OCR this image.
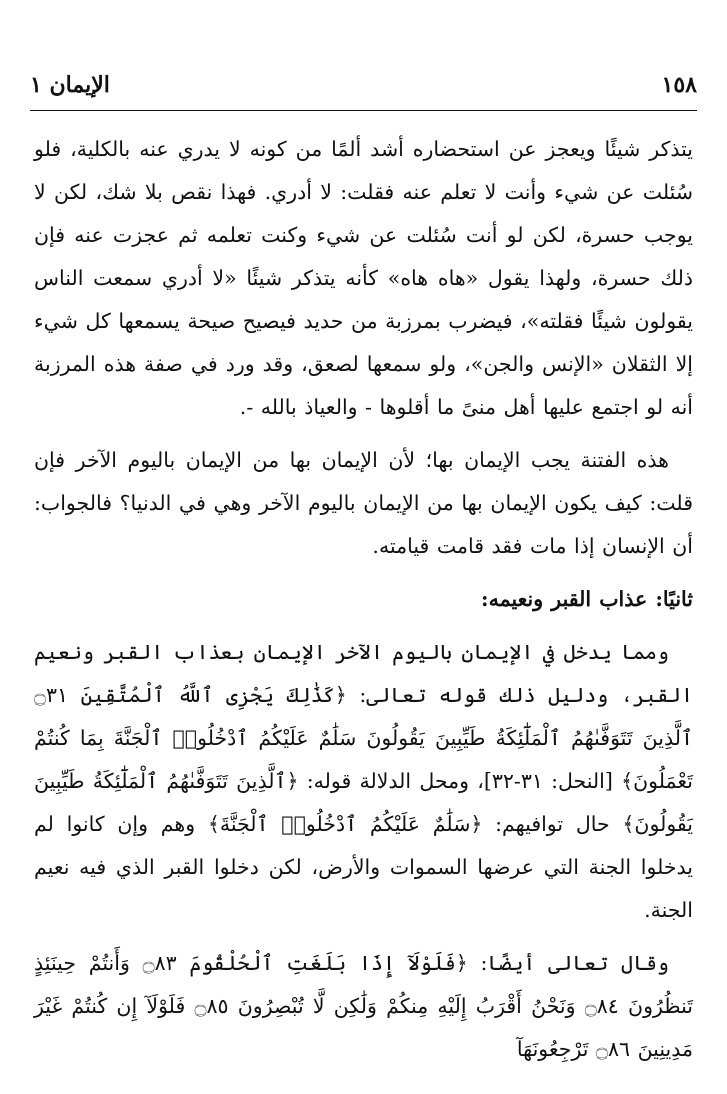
١٥٨
الإيمان ١

يتذكر شيئًا ويعجز عن استحضاره أشد ألمًا من كونه لا يدري عنه بالكلية، فلو سُئلت عن شيء وأنت لا تعلم عنه فقلت: لا أدري. فهذا نقص بلا شك، لكن لا يوجب حسرة، لكن لو أنت سُئلت عن شيء وكنت تعلمه ثم عجزت عنه فإن ذلك حسرة، ولهذا يقول «هاه هاه» كأنه يتذكر شيئًا «لا أدري سمعت الناس يقولون شيئًا فقلته»، فيضرب بمرزبة من حديد فيصيح صيحة يسمعها كل شيء إلا الثقلان «الإنس والجن»، ولو سمعها لصعق، وقد ورد في صفة هذه المرزبة أنه لو اجتمع عليها أهل منىً ما أقلوها - والعياذ بالله -.

هذه الفتنة يجب الإيمان بها؛ لأن الإيمان بها من الإيمان باليوم الآخر فإن قلت: كيف يكون الإيمان بها من الإيمان باليوم الآخر وهي في الدنيا؟ فالجواب: أن الإنسان إذا مات فقد قامت قيامته.

ثانيًا: عذاب القبر ونعيمه:

ومما يدخل في الإيمان باليوم الآخر الإيمان بعذاب القبر ونعيم القبر، ودليل ذلك قوله تعالى: ﴿كَذَٰلِكَ يَجْزِى ٱللَّهُ ٱلْمُتَّقِينَ ۝٣١ ٱلَّذِينَ تَتَوَفَّىٰهُمُ ٱلْمَلَٰٓئِكَةُ طَيِّبِينَ يَقُولُونَ سَلَٰمٌ عَلَيْكُمُ ٱدْخُلُوا۟ ٱلْجَنَّةَ بِمَا كُنتُمْ تَعْمَلُونَ﴾ [النحل: ٣١-٣٢]، ومحل الدلالة قوله: ﴿ٱلَّذِينَ تَتَوَفَّىٰهُمُ ٱلْمَلَٰٓئِكَةُ طَيِّبِينَ يَقُولُونَ﴾ حال توافيهم: ﴿سَلَٰمٌ عَلَيْكُمُ ٱدْخُلُوا۟ ٱلْجَنَّةَ﴾ وهم وإن كانوا لم يدخلوا الجنة التي عرضها السموات والأرض، لكن دخلوا القبر الذي فيه نعيم الجنة.

وقال تعالى أيضًا: ﴿فَلَوْلَآ إِذَا بَلَغَتِ ٱلْحُلْقُومَ ۝٨٣ وَأَنتُمْ حِينَئِذٍ تَنظُرُونَ ۝٨٤ وَنَحْنُ أَقْرَبُ إِلَيْهِ مِنكُمْ وَلَٰكِن لَّا تُبْصِرُونَ ۝٨٥ فَلَوْلَآ إِن كُنتُمْ غَيْرَ مَدِينِينَ ۝٨٦ تَرْجِعُونَهَآ
